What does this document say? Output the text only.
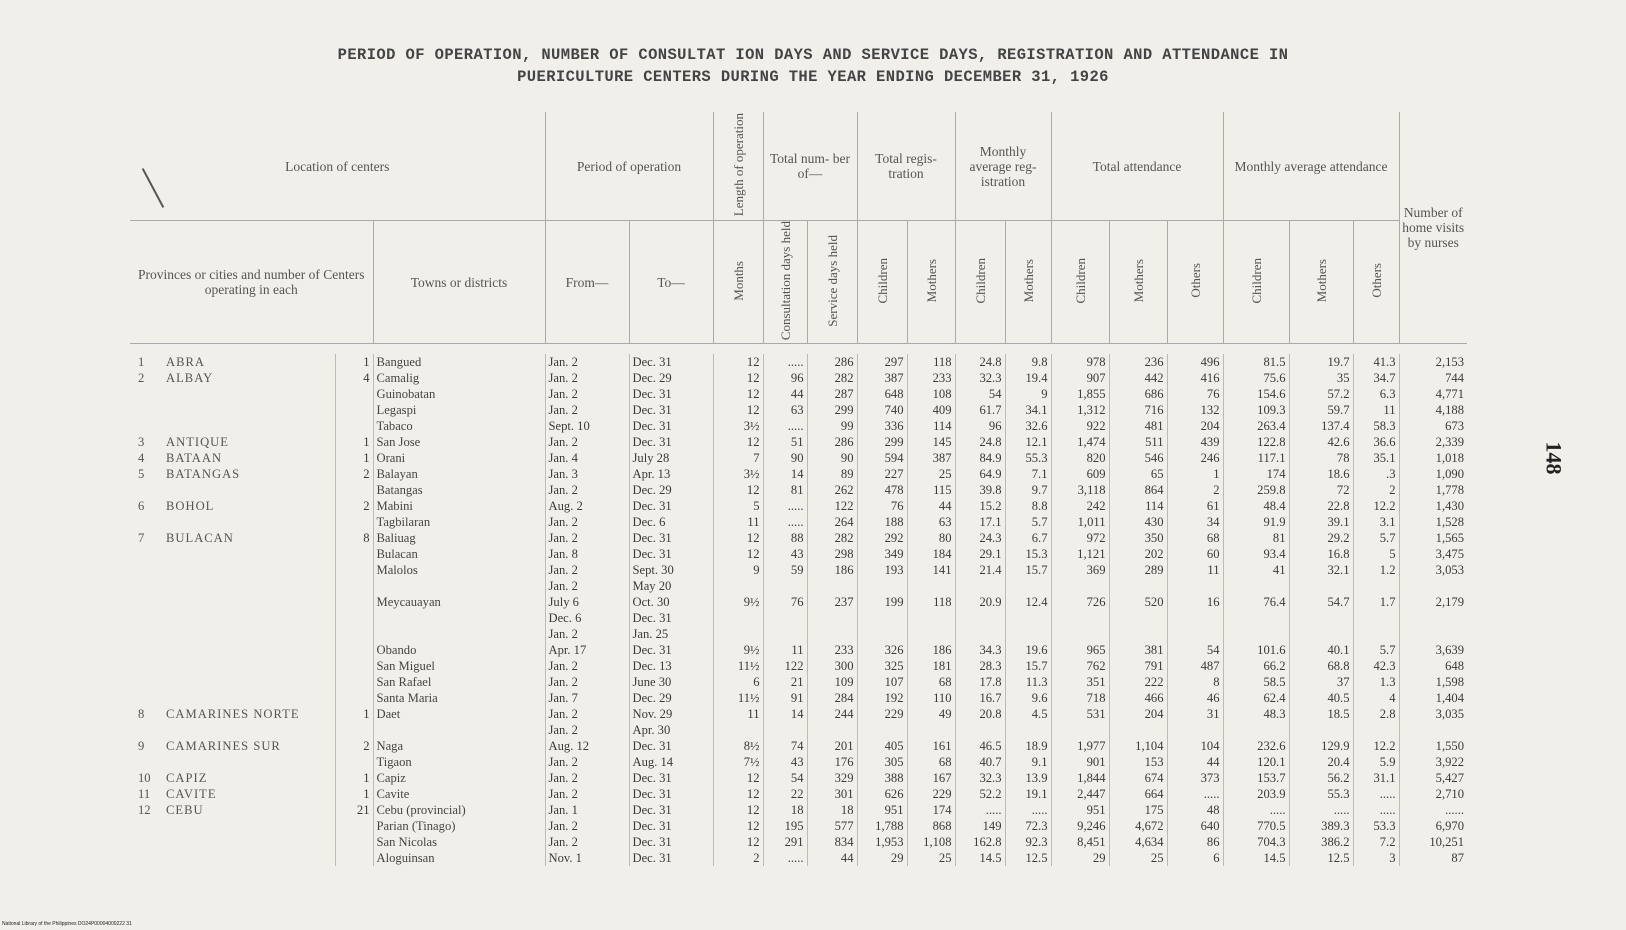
PERIOD OF OPERATION, NUMBER OF CONSULTAT ION DAYS AND SERVICE DAYS, REGISTRATION AND ATTENDANCE IN
PUERICULTURE CENTERS DURING THE YEAR ENDING DECEMBER 31, 1926
Location of centers				Period of operation		Length of operation	Total num- ber of—		Total regis- tration		Monthly average reg- istration		Total attendance			Monthly average attendance			Number of home visits by nurses
Provinces or cities and number of Centers operating in each			Towns or districts	From—	To—	Months	Consultation days held	Service days held	Children	Mothers	Children	Mothers	Children	Mothers	Others	Children	Mothers	Others	

1	ABRA	1	Bangued	Jan. 2	Dec. 31	12	.....	286	297	118	24.8	9.8	978	236	496	81.5	19.7	41.3	2,153
2	ALBAY	4	Camalig	Jan. 2	Dec. 29	12	96	282	387	233	32.3	19.4	907	442	416	75.6	35	34.7	744
			Guinobatan	Jan. 2	Dec. 31	12	44	287	648	108	54	9	1,855	686	76	154.6	57.2	6.3	4,771
			Legaspi	Jan. 2	Dec. 31	12	63	299	740	409	61.7	34.1	1,312	716	132	109.3	59.7	11	4,188
			Tabaco	Sept. 10	Dec. 31	3½	.....	99	336	114	96	32.6	922	481	204	263.4	137.4	58.3	673
3	ANTIQUE	1	San Jose	Jan. 2	Dec. 31	12	51	286	299	145	24.8	12.1	1,474	511	439	122.8	42.6	36.6	2,339
4	BATAAN	1	Orani	Jan. 4	July 28	7	90	90	594	387	84.9	55.3	820	546	246	117.1	78	35.1	1,018
5	BATANGAS	2	Balayan	Jan. 3	Apr. 13	3½	14	89	227	25	64.9	7.1	609	65	1	174	18.6	.3	1,090
			Batangas	Jan. 2	Dec. 29	12	81	262	478	115	39.8	9.7	3,118	864	2	259.8	72	2	1,778
6	BOHOL	2	Mabini	Aug. 2	Dec. 31	5	.....	122	76	44	15.2	8.8	242	114	61	48.4	22.8	12.2	1,430
			Tagbilaran	Jan. 2	Dec. 6	11	.....	264	188	63	17.1	5.7	1,011	430	34	91.9	39.1	3.1	1,528
7	BULACAN	8	Baliuag	Jan. 2	Dec. 31	12	88	282	292	80	24.3	6.7	972	350	68	81	29.2	5.7	1,565
			Bulacan	Jan. 8	Dec. 31	12	43	298	349	184	29.1	15.3	1,121	202	60	93.4	16.8	5	3,475
			Malolos	Jan. 2	Sept. 30	9	59	186	193	141	21.4	15.7	369	289	11	41	32.1	1.2	3,053
				Jan. 2	May 20														
			Meycauayan	July 6	Oct. 30	9½	76	237	199	118	20.9	12.4	726	520	16	76.4	54.7	1.7	2,179
				Dec. 6	Dec. 31														
				Jan. 2	Jan. 25														
			Obando	Apr. 17	Dec. 31	9½	11	233	326	186	34.3	19.6	965	381	54	101.6	40.1	5.7	3,639
			San Miguel	Jan. 2	Dec. 13	11½	122	300	325	181	28.3	15.7	762	791	487	66.2	68.8	42.3	648
			San Rafael	Jan. 2	June 30	6	21	109	107	68	17.8	11.3	351	222	8	58.5	37	1.3	1,598
			Santa Maria	Jan. 7	Dec. 29	11½	91	284	192	110	16.7	9.6	718	466	46	62.4	40.5	4	1,404
8	CAMARINES NORTE	1	Daet	Jan. 2	Nov. 29	11	14	244	229	49	20.8	4.5	531	204	31	48.3	18.5	2.8	3,035
				Jan. 2	Apr. 30														
9	CAMARINES SUR	2	Naga	Aug. 12	Dec. 31	8½	74	201	405	161	46.5	18.9	1,977	1,104	104	232.6	129.9	12.2	1,550
			Tigaon	Jan. 2	Aug. 14	7½	43	176	305	68	40.7	9.1	901	153	44	120.1	20.4	5.9	3,922
10	CAPIZ	1	Capiz	Jan. 2	Dec. 31	12	54	329	388	167	32.3	13.9	1,844	674	373	153.7	56.2	31.1	5,427
11	CAVITE	1	Cavite	Jan. 2	Dec. 31	12	22	301	626	229	52.2	19.1	2,447	664	.....	203.9	55.3	.....	2,710
12	CEBU	21	Cebu (provincial)	Jan. 1	Dec. 31	12	18	18	951	174	.....	.....	951	175	48	.....	.....	.....	......
			Parian (Tinago)	Jan. 2	Dec. 31	12	195	577	1,788	868	149	72.3	9,246	4,672	640	770.5	389.3	53.3	6,970
			San Nicolas	Jan. 2	Dec. 31	12	291	834	1,953	1,108	162.8	92.3	8,451	4,634	86	704.3	386.2	7.2	10,251
			Aloguinsan	Nov. 1	Dec. 31	2	.....	44	29	25	14.5	12.5	29	25	6	14.5	12.5	3	87
148
National Library of the Philippines DO24P00004000222 31
